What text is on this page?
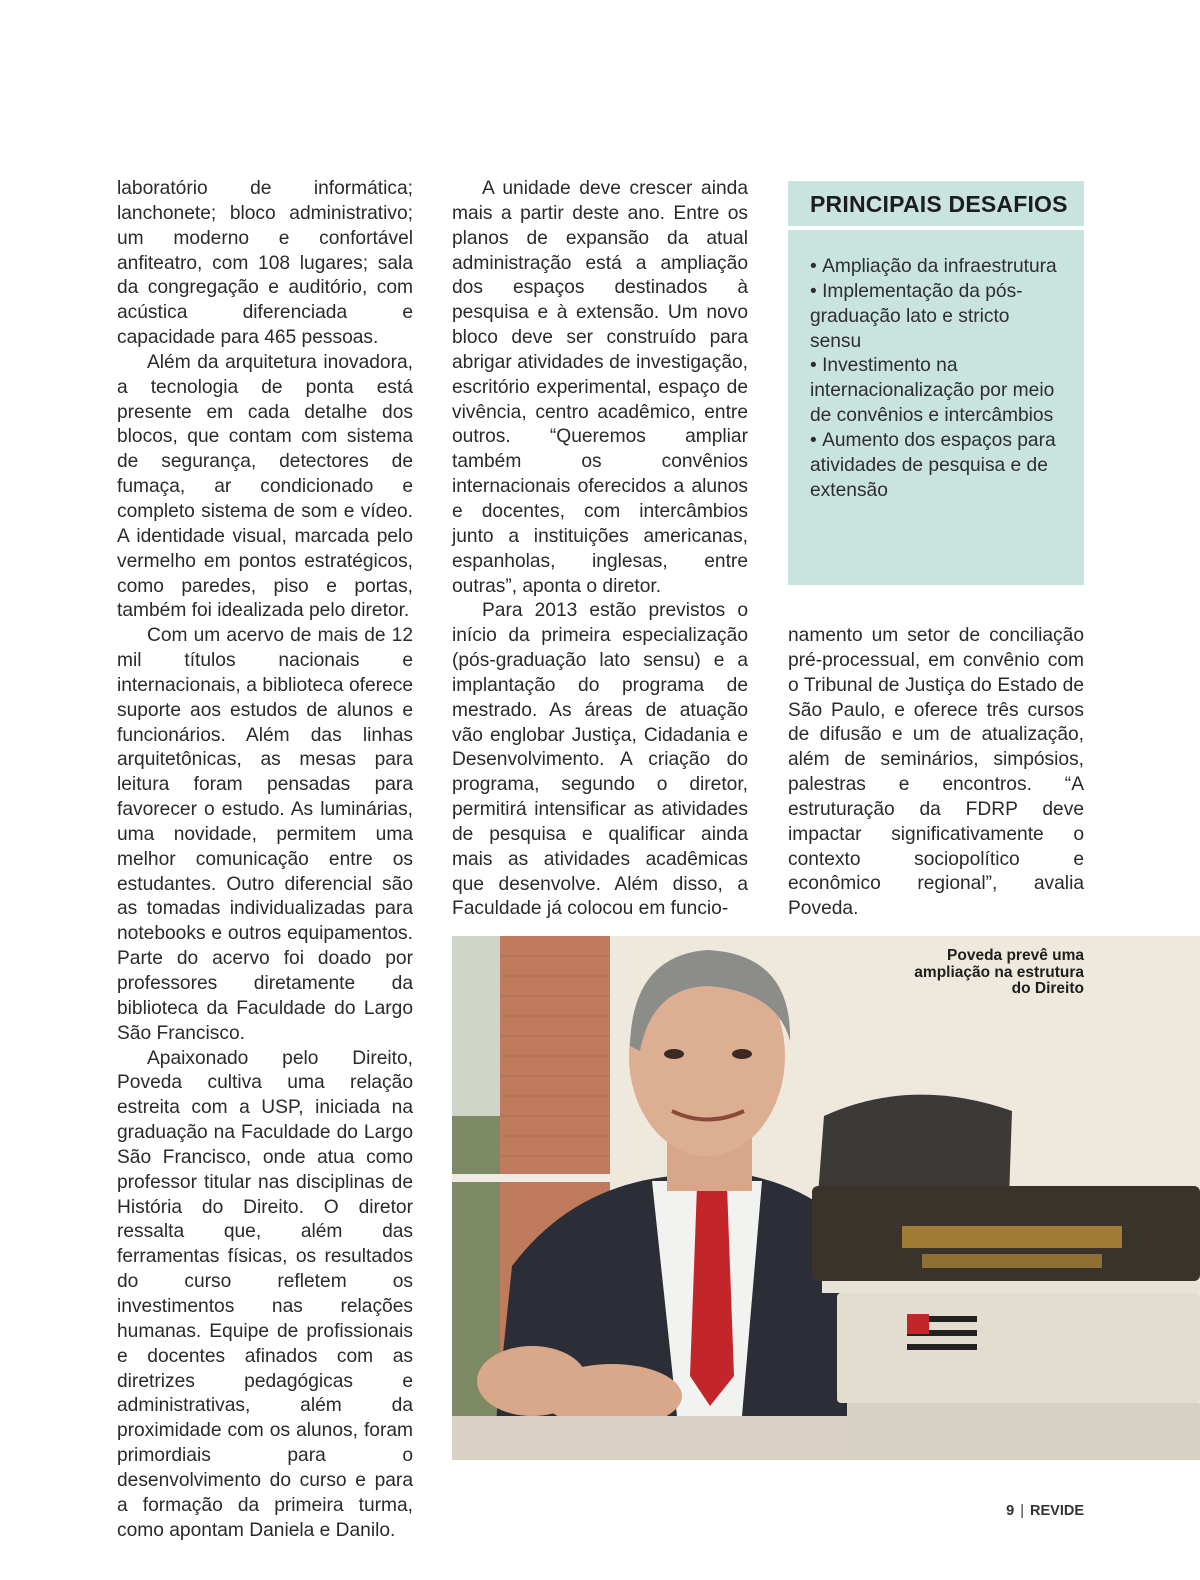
laboratório de informática; lanchonete; bloco administrativo; um moderno e confortável anfiteatro, com 108 lugares; sala da congregação e auditório, com acústica diferenciada e capacidade para 465 pessoas.

Além da arquitetura inovadora, a tecnologia de ponta está presente em cada detalhe dos blocos, que contam com sistema de segurança, detectores de fumaça, ar condicionado e completo sistema de som e vídeo. A identidade visual, marcada pelo vermelho em pontos estratégicos, como paredes, piso e portas, também foi idealizada pelo diretor.

Com um acervo de mais de 12 mil títulos nacionais e internacionais, a biblioteca oferece suporte aos estudos de alunos e funcionários. Além das linhas arquitetônicas, as mesas para leitura foram pensadas para favorecer o estudo. As luminárias, uma novidade, permitem uma melhor comunicação entre os estudantes. Outro diferencial são as tomadas individualizadas para notebooks e outros equipamentos. Parte do acervo foi doado por professores diretamente da biblioteca da Faculdade do Largo São Francisco.

Apaixonado pelo Direito, Poveda cultiva uma relação estreita com a USP, iniciada na graduação na Faculdade do Largo São Francisco, onde atua como professor titular nas disciplinas de História do Direito. O diretor ressalta que, além das ferramentas físicas, os resultados do curso refletem os investimentos nas relações humanas. Equipe de profissionais e docentes afinados com as diretrizes pedagógicas e administrativas, além da proximidade com os alunos, foram primordiais para o desenvolvimento do curso e para a formação da primeira turma, como apontam Daniela e Danilo.

A unidade deve crescer ainda mais a partir deste ano. Entre os planos de expansão da atual administração está a ampliação dos espaços destinados à pesquisa e à extensão. Um novo bloco deve ser construído para abrigar atividades de investigação, escritório experimental, espaço de vivência, centro acadêmico, entre outros. “Queremos ampliar também os convênios internacionais oferecidos a alunos e docentes, com intercâmbios junto a instituições americanas, espanholas, inglesas, entre outras”, aponta o diretor.

Para 2013 estão previstos o início da primeira especialização (pós-graduação lato sensu) e a implantação do programa de mestrado. As áreas de atuação vão englobar Justiça, Cidadania e Desenvolvimento. A criação do programa, segundo o diretor, permitirá intensificar as atividades de pesquisa e qualificar ainda mais as atividades acadêmicas que desenvolve. Além disso, a Faculdade já colocou em funcio-

PRINCIPAIS DESAFIOS
• Ampliação da infraestrutura
• Implementação da pós-graduação lato e stricto sensu
• Investimento na internacionalização por meio de convênios e intercâmbios
• Aumento dos espaços para atividades de pesquisa e de extensão

namento um setor de conciliação pré-processual, em convênio com o Tribunal de Justiça do Estado de São Paulo, e oferece três cursos de difusão e um de atualização, além de seminários, simpósios, palestras e encontros. “A estruturação da FDRP deve impactar significativamente o contexto sociopolítico e econômico regional”, avalia Poveda.

Poveda prevê uma ampliação na estrutura do Direito
9 | REVIDE
